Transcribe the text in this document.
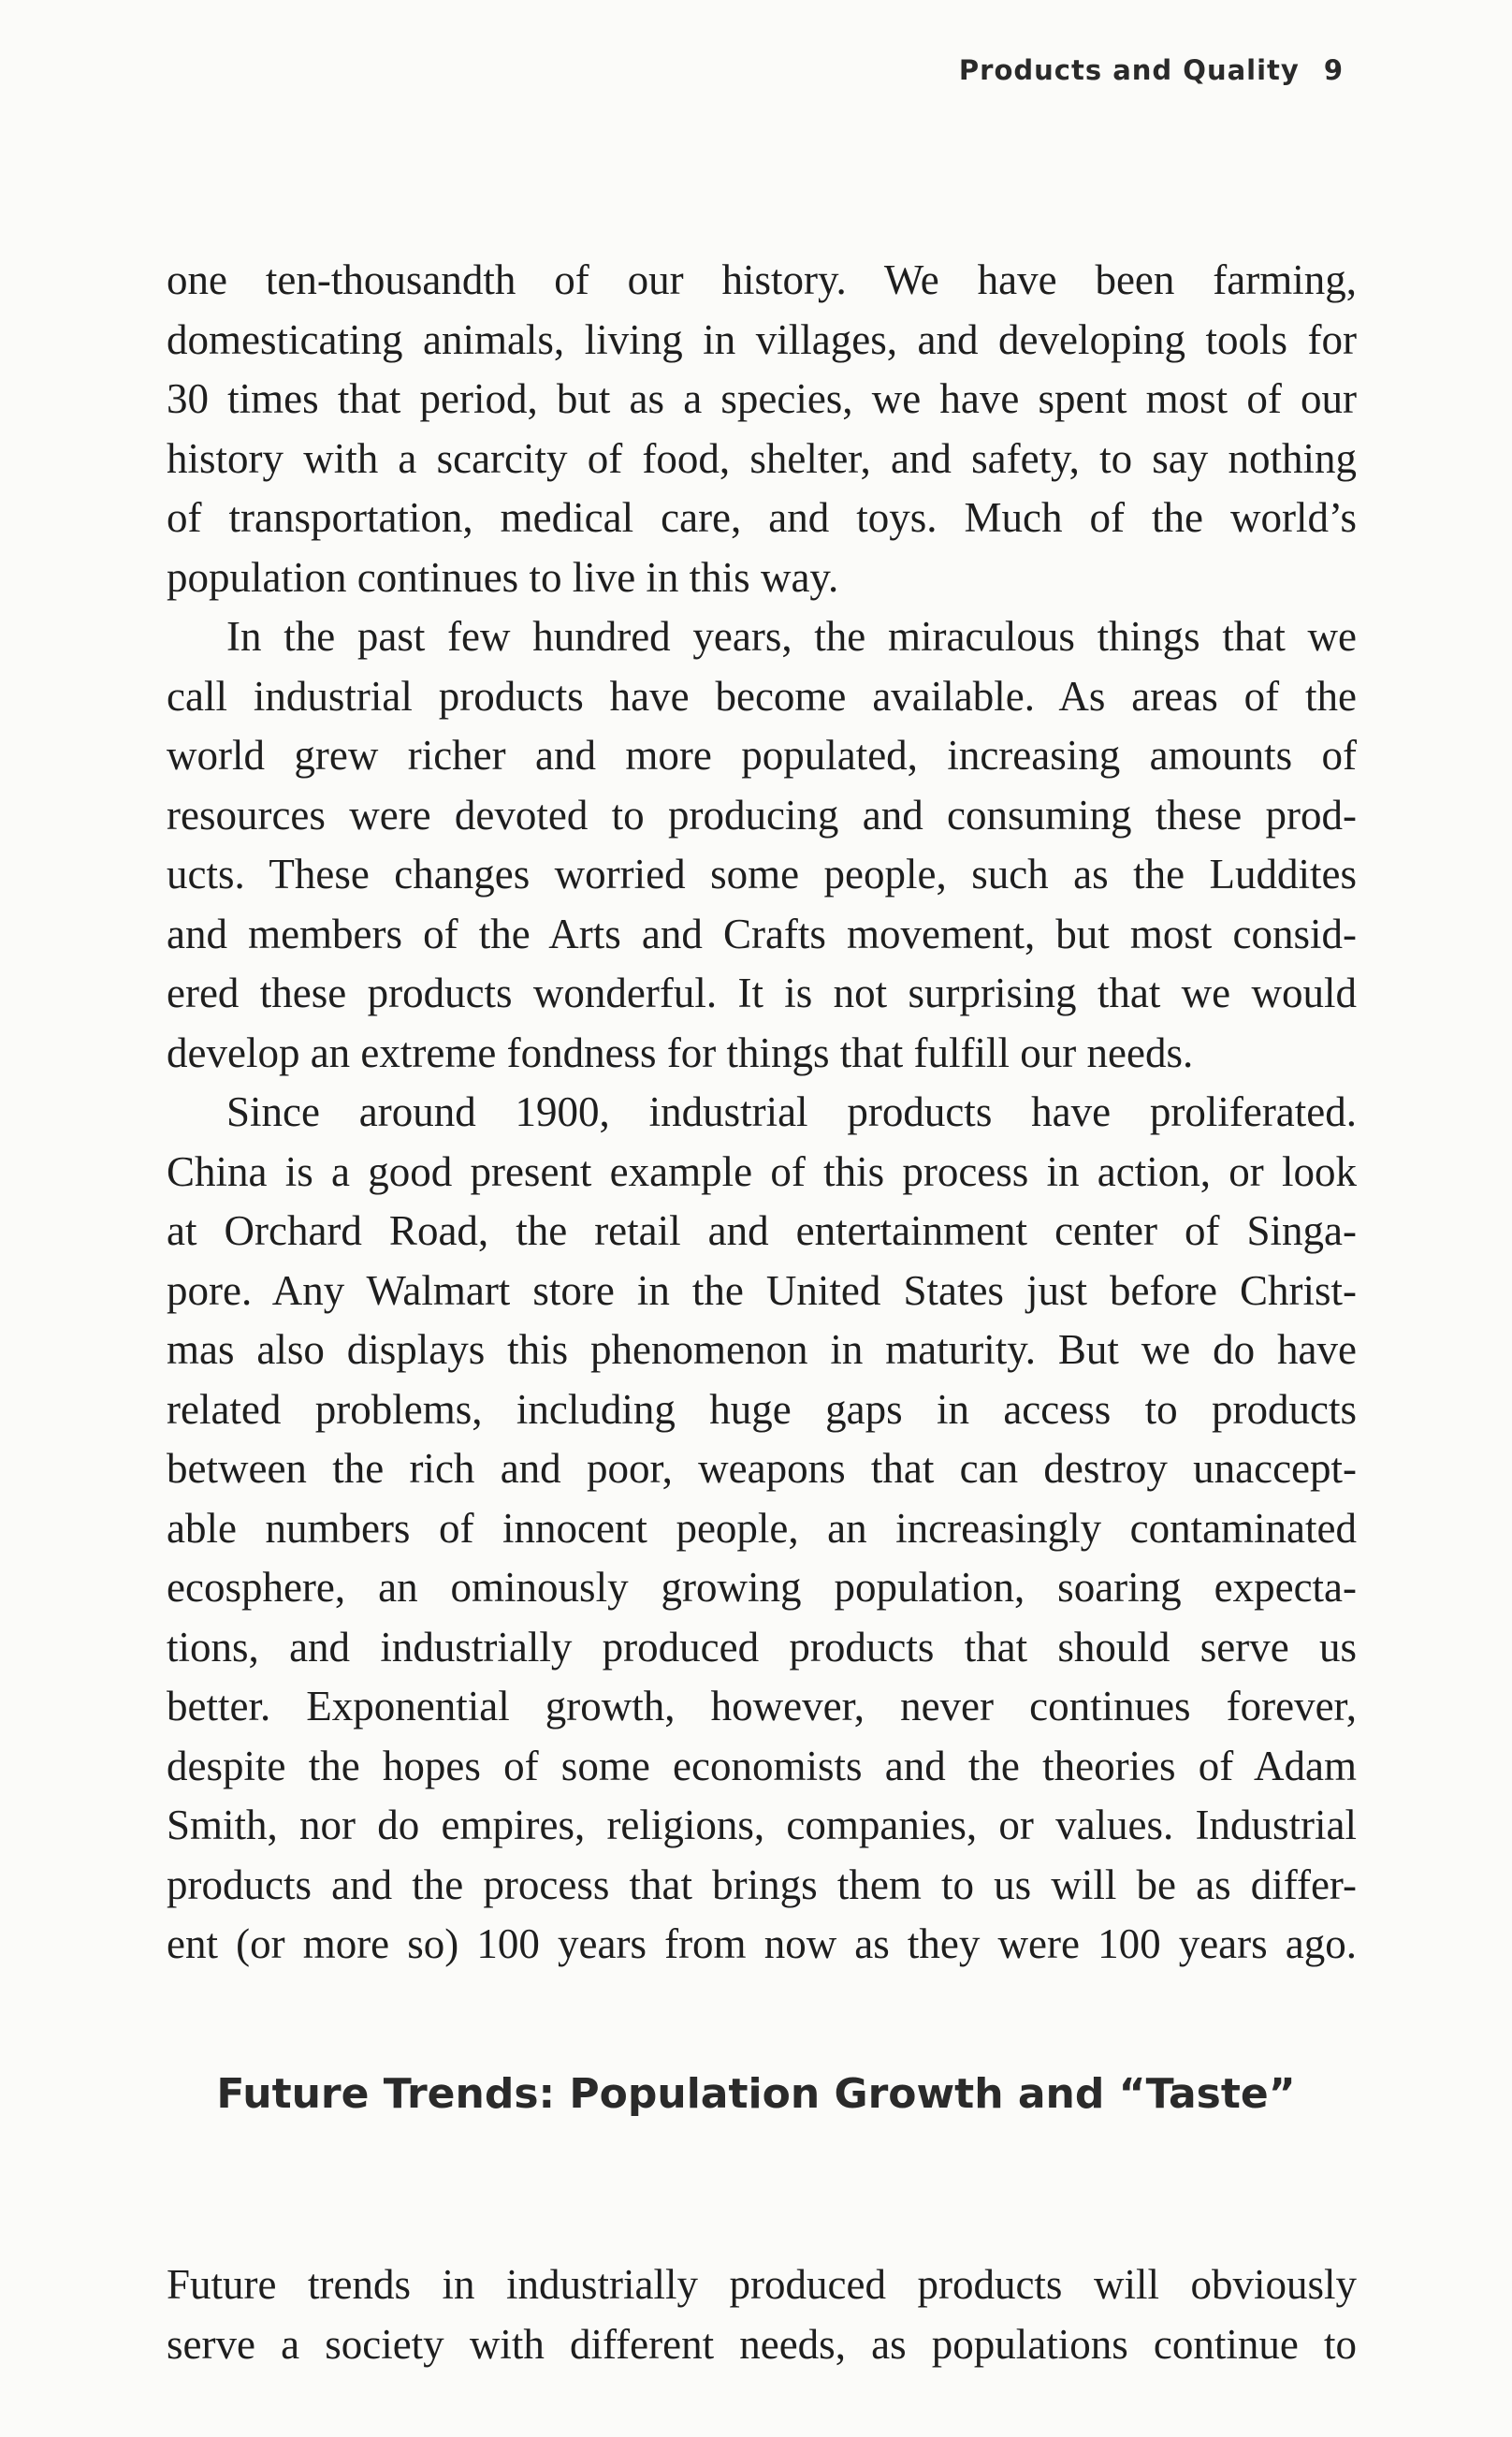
Products and Quality 9
one ten-thousandth of our history. We have been farming,
domesticating animals, living in villages, and developing tools for
30 times that period, but as a species, we have spent most of our
history with a scarcity of food, shelter, and safety, to say nothing
of transportation, medical care, and toys. Much of the world’s
population continues to live in this way.
In the past few hundred years, the miraculous things that we
call industrial products have become available. As areas of the
world grew richer and more populated, increasing amounts of
resources were devoted to producing and consuming these prod-
ucts. These changes worried some people, such as the Luddites
and members of the Arts and Crafts movement, but most consid-
ered these products wonderful. It is not surprising that we would
develop an extreme fondness for things that fulfill our needs.
Since around 1900, industrial products have proliferated.
China is a good present example of this process in action, or look
at Orchard Road, the retail and entertainment center of Singa-
pore. Any Walmart store in the United States just before Christ-
mas also displays this phenomenon in maturity. But we do have
related problems, including huge gaps in access to products
between the rich and poor, weapons that can destroy unaccept-
able numbers of innocent people, an increasingly contaminated
ecosphere, an ominously growing population, soaring expecta-
tions, and industrially produced products that should serve us
better. Exponential growth, however, never continues forever,
despite the hopes of some economists and the theories of Adam
Smith, nor do empires, religions, companies, or values. Industrial
products and the process that brings them to us will be as differ-
ent (or more so) 100 years from now as they were 100 years ago.
Future Trends: Population Growth and “Taste”
Future trends in industrially produced products will obviously
serve a society with different needs, as populations continue to
